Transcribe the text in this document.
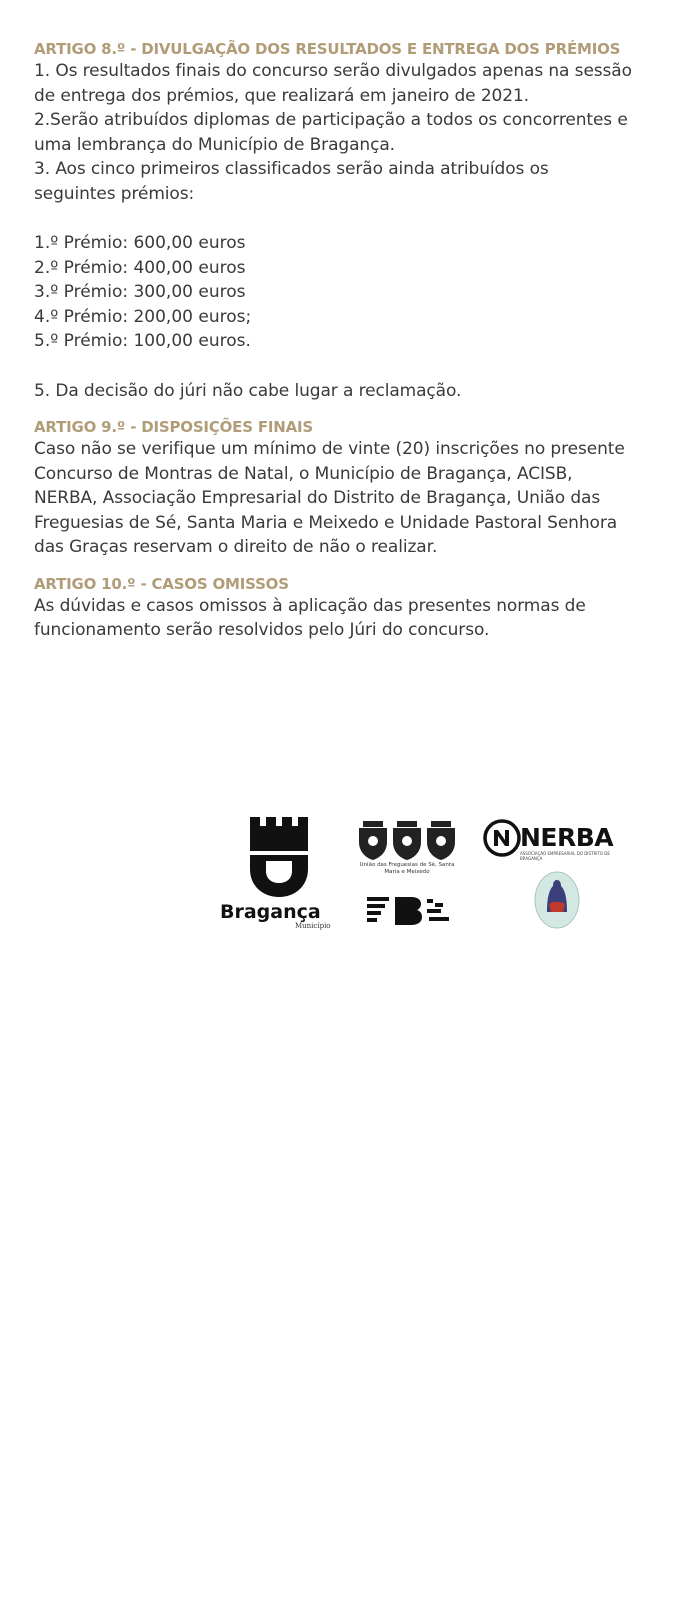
ARTIGO 8.º - DIVULGAÇÃO DOS RESULTADOS E ENTREGA DOS PRÉMIOS

1. Os resultados finais do concurso serão divulgados apenas na sessão de entrega dos prémios, que realizará em janeiro de 2021.

2.Serão atribuídos diplomas de participação a todos os concorrentes e uma lembrança do Município de Bragança.

3. Aos cinco primeiros classificados serão ainda atribuídos os seguintes prémios:

1.º Prémio: 600,00 euros
2.º Prémio: 400,00 euros
3.º Prémio: 300,00 euros
4.º Prémio: 200,00 euros;
5.º Prémio: 100,00 euros.

5. Da decisão do júri não cabe lugar a reclamação.

ARTIGO 9.º - DISPOSIÇÕES FINAIS

Caso não se verifique um mínimo de vinte (20) inscrições no presente Concurso de Montras de Natal, o Município de Bragança, ACISB, NERBA, Associação Empresarial do Distrito de Bragança, União das Freguesias de Sé, Santa Maria e Meixedo e Unidade Pastoral Senhora das Graças reservam o direito de não o realizar.

ARTIGO 10.º - CASOS OMISSOS

As dúvidas e casos omissos à aplicação das presentes normas de funcionamento serão resolvidos pelo Júri do concurso.

Bragança
Município
União das Freguesias de Sé, Santa Maria e Meixedo
NERBA
ASSOCIAÇÃO EMPRESARIAL DO DISTRITO DE BRAGANÇA
